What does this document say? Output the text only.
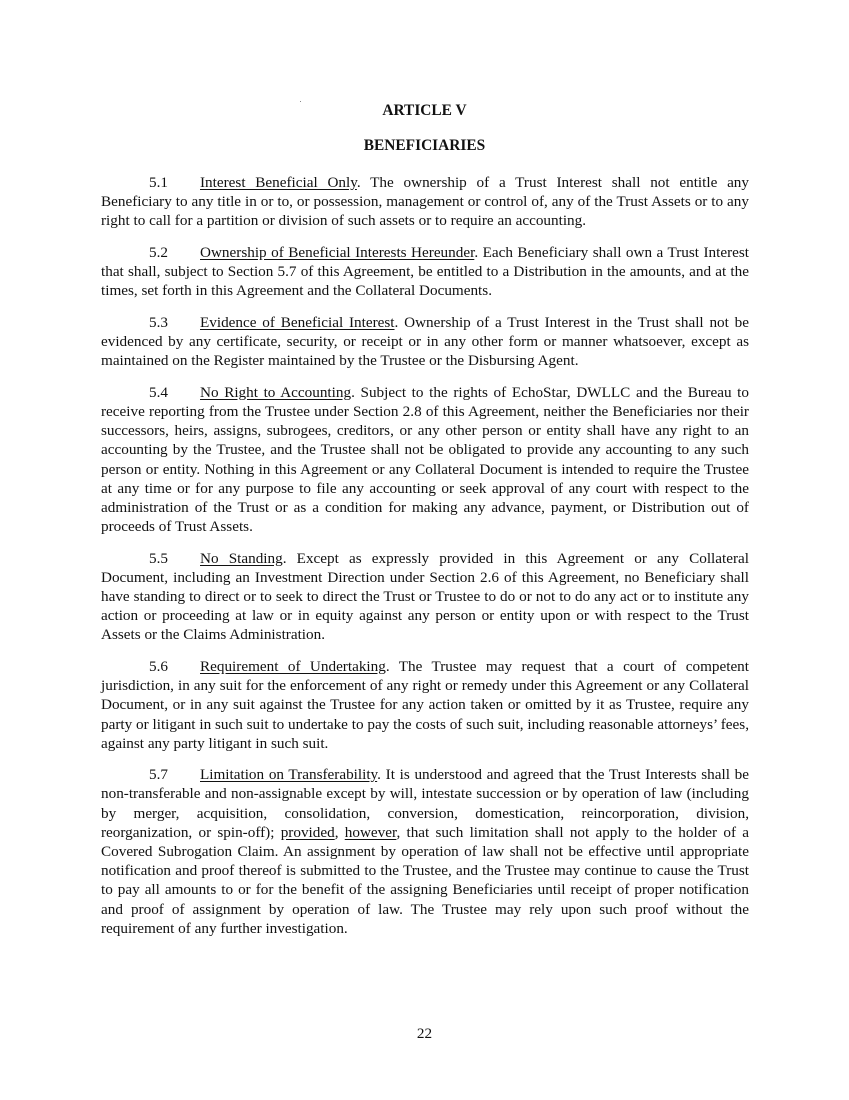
ARTICLE V
BENEFICIARIES

5.1 Interest Beneficial Only. The ownership of a Trust Interest shall not entitle any Beneficiary to any title in or to, or possession, management or control of, any of the Trust Assets or to any right to call for a partition or division of such assets or to require an accounting.

5.2 Ownership of Beneficial Interests Hereunder. Each Beneficiary shall own a Trust Interest that shall, subject to Section 5.7 of this Agreement, be entitled to a Distribution in the amounts, and at the times, set forth in this Agreement and the Collateral Documents.

5.3 Evidence of Beneficial Interest. Ownership of a Trust Interest in the Trust shall not be evidenced by any certificate, security, or receipt or in any other form or manner whatsoever, except as maintained on the Register maintained by the Trustee or the Disbursing Agent.

5.4 No Right to Accounting. Subject to the rights of EchoStar, DWLLC and the Bureau to receive reporting from the Trustee under Section 2.8 of this Agreement, neither the Beneficiaries nor their successors, heirs, assigns, subrogees, creditors, or any other person or entity shall have any right to an accounting by the Trustee, and the Trustee shall not be obligated to provide any accounting to any such person or entity. Nothing in this Agreement or any Collateral Document is intended to require the Trustee at any time or for any purpose to file any accounting or seek approval of any court with respect to the administration of the Trust or as a condition for making any advance, payment, or Distribution out of proceeds of Trust Assets.

5.5 No Standing. Except as expressly provided in this Agreement or any Collateral Document, including an Investment Direction under Section 2.6 of this Agreement, no Beneficiary shall have standing to direct or to seek to direct the Trust or Trustee to do or not to do any act or to institute any action or proceeding at law or in equity against any person or entity upon or with respect to the Trust Assets or the Claims Administration.

5.6 Requirement of Undertaking. The Trustee may request that a court of competent jurisdiction, in any suit for the enforcement of any right or remedy under this Agreement or any Collateral Document, or in any suit against the Trustee for any action taken or omitted by it as Trustee, require any party or litigant in such suit to undertake to pay the costs of such suit, including reasonable attorneys’ fees, against any party litigant in such suit.

5.7 Limitation on Transferability. It is understood and agreed that the Trust Interests shall be non-transferable and non-assignable except by will, intestate succession or by operation of law (including by merger, acquisition, consolidation, conversion, domestication, reincorporation, division, reorganization, or spin-off); provided, however, that such limitation shall not apply to the holder of a Covered Subrogation Claim. An assignment by operation of law shall not be effective until appropriate notification and proof thereof is submitted to the Trustee, and the Trustee may continue to cause the Trust to pay all amounts to or for the benefit of the assigning Beneficiaries until receipt of proper notification and proof of assignment by operation of law. The Trustee may rely upon such proof without the requirement of any further investigation.

22
